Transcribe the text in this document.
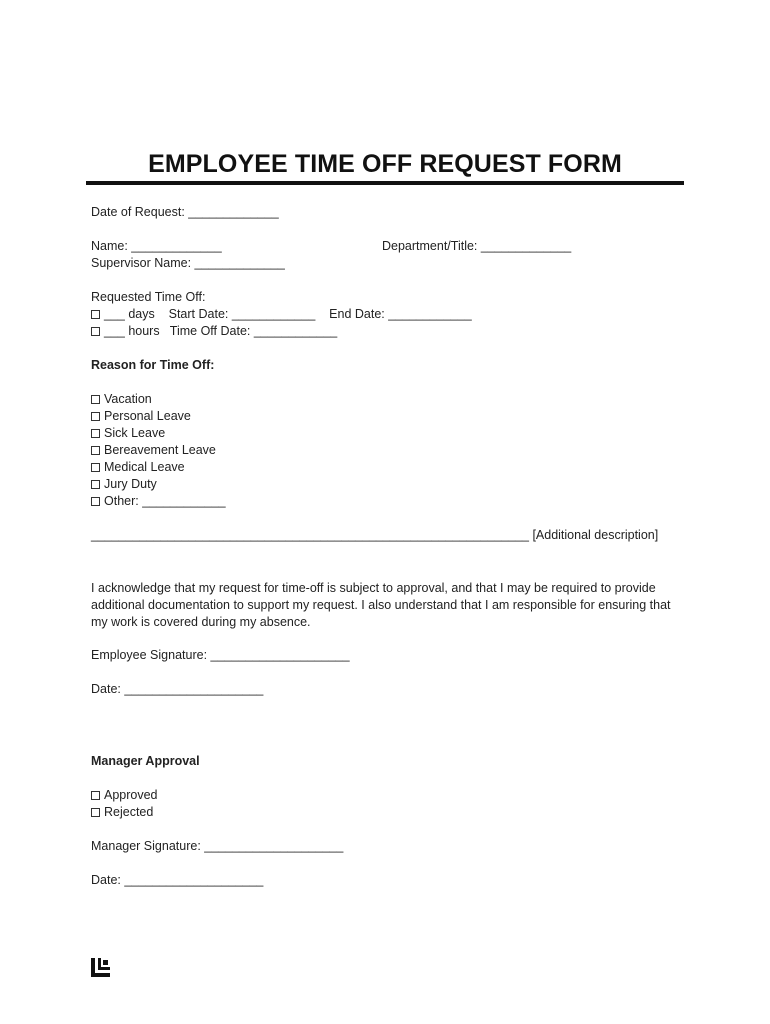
EMPLOYEE TIME OFF REQUEST FORM
Date of Request: _____________
Name: _____________	Department/Title: _____________
Supervisor Name: _____________
Requested Time Off:
___ days    Start Date: ____________    End Date: ____________
___ hours   Time Off Date: ____________
Reason for Time Off:
Vacation
Personal Leave
Sick Leave
Bereavement Leave
Medical Leave
Jury Duty
Other: ____________
_______________________________________________________________ [Additional description]
I acknowledge that my request for time-off is subject to approval, and that I may be required to provide
additional documentation to support my request. I also understand that I am responsible for ensuring that
my work is covered during my absence.
Employee Signature: ____________________
Date: ____________________
Manager Approval
Approved
Rejected
Manager Signature: ____________________
Date: ____________________
